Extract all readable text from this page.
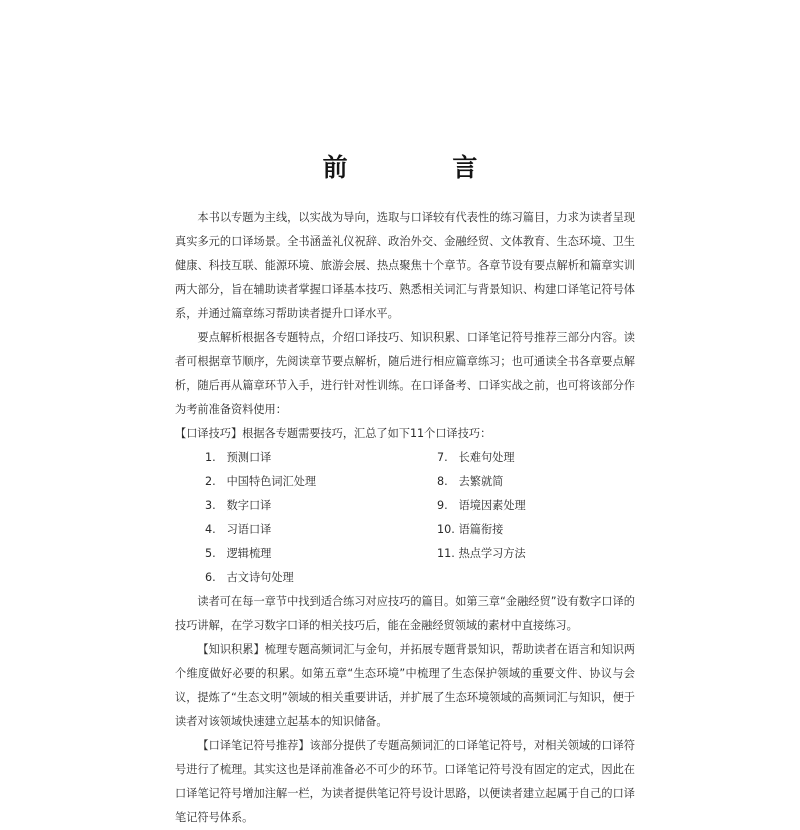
前 言

本书以专题为主线，以实战为导向，选取与口译较有代表性的练习篇目，力求为读者呈现真实多元的口译场景。全书涵盖礼仪祝辞、政治外交、金融经贸、文体教育、生态环境、卫生健康、科技互联、能源环境、旅游会展、热点聚焦十个章节。各章节设有要点解析和篇章实训两大部分，旨在辅助读者掌握口译基本技巧、熟悉相关词汇与背景知识、构建口译笔记符号体系，并通过篇章练习帮助读者提升口译水平。

要点解析根据各专题特点，介绍口译技巧、知识积累、口译笔记符号推荐三部分内容。读者可根据章节顺序，先阅读章节要点解析，随后进行相应篇章练习；也可通读全书各章要点解析，随后再从篇章环节入手，进行针对性训练。在口译备考、口译实战之前，也可将该部分作为考前准备资料使用：

【口译技巧】根据各专题需要技巧，汇总了如下11个口译技巧：

1. 预测口译	7. 长难句处理
2. 中国特色词汇处理	8. 去繁就简
3. 数字口译	9. 语境因素处理
4. 习语口译	10. 语篇衔接
5. 逻辑梳理	11. 热点学习方法
6. 古文诗句处理

读者可在每一章节中找到适合练习对应技巧的篇目。如第三章“金融经贸”设有数字口译的技巧讲解，在学习数字口译的相关技巧后，能在金融经贸领域的素材中直接练习。

【知识积累】梳理专题高频词汇与金句，并拓展专题背景知识，帮助读者在语言和知识两个维度做好必要的积累。如第五章“生态环境”中梳理了生态保护领域的重要文件、协议与会议，提炼了“生态文明”领域的相关重要讲话，并扩展了生态环境领域的高频词汇与知识，便于读者对该领域快速建立起基本的知识储备。

【口译笔记符号推荐】该部分提供了专题高频词汇的口译笔记符号，对相关领域的口译符号进行了梳理。其实这也是译前准备必不可少的环节。口译笔记符号没有固定的定式，因此在口译笔记符号增加注解一栏，为读者提供笔记符号设计思路，以便读者建立起属于自己的口译笔记符号体系。
